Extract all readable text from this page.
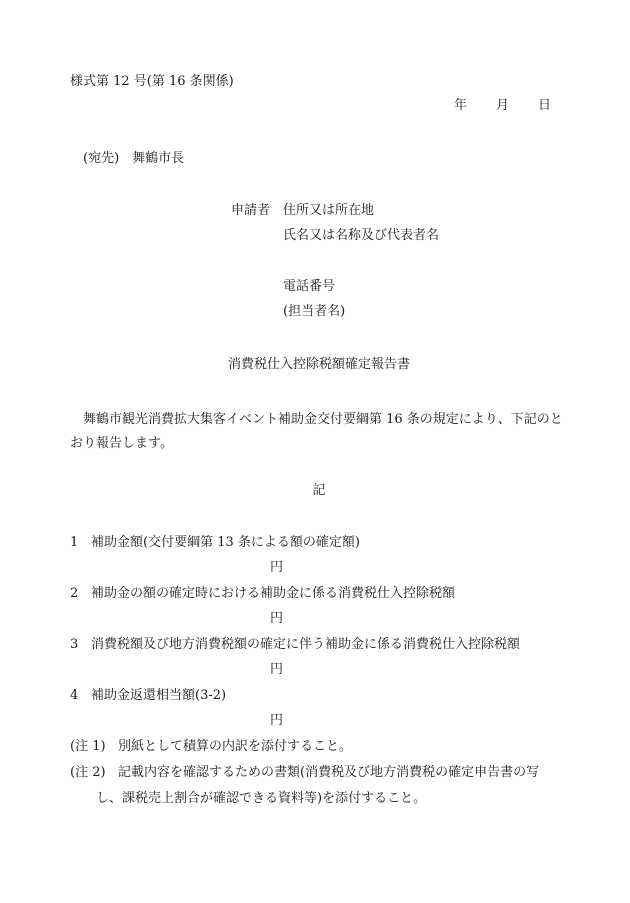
様式第 12 号(第 16 条関係)
年	月	日
(宛先)　舞鶴市長
申請者 住所又は所在地
氏名又は名称及び代表者名
電話番号
(担当者名)
消費税仕入控除税額確定報告書
舞鶴市観光消費拡大集客イベント補助金交付要綱第 16 条の規定により、下記のとおり報告します。
記
1 補助金額(交付要綱第 13 条による額の確定額)
円
2 補助金の額の確定時における補助金に係る消費税仕入控除税額
円
3 消費税額及び地方消費税額の確定に伴う補助金に係る消費税仕入控除税額
円
4 補助金返還相当額(3-2)
円
(注 1) 別紙として積算の内訳を添付すること。
(注 2) 記載内容を確認するための書類(消費税及び地方消費税の確定申告書の写
し、課税売上割合が確認できる資料等)を添付すること。
